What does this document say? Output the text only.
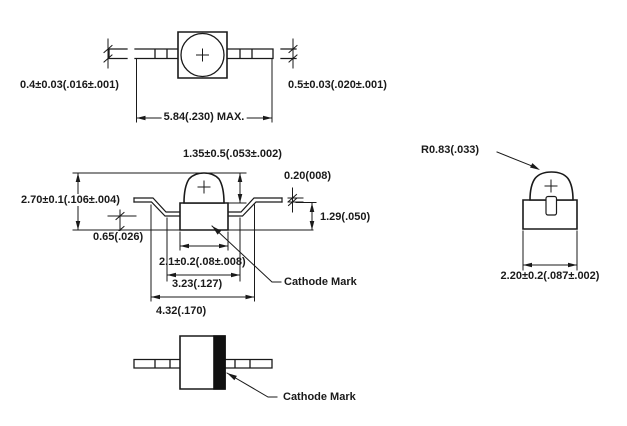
0.4±0.03(.016±.001)	0.5±0.03(.020±.001)
5.84(.230) MAX.
1.35±0.5(.053±.002)
0.20(008)
2.70±0.1(.106±.004)
0.65(.026)
1.29(.050)
2.1±0.2(.08±.008)
3.23(.127)
4.32(.170)
Cathode Mark
R0.83(.033)
2.20±0.2(.087±.002)
Cathode Mark
